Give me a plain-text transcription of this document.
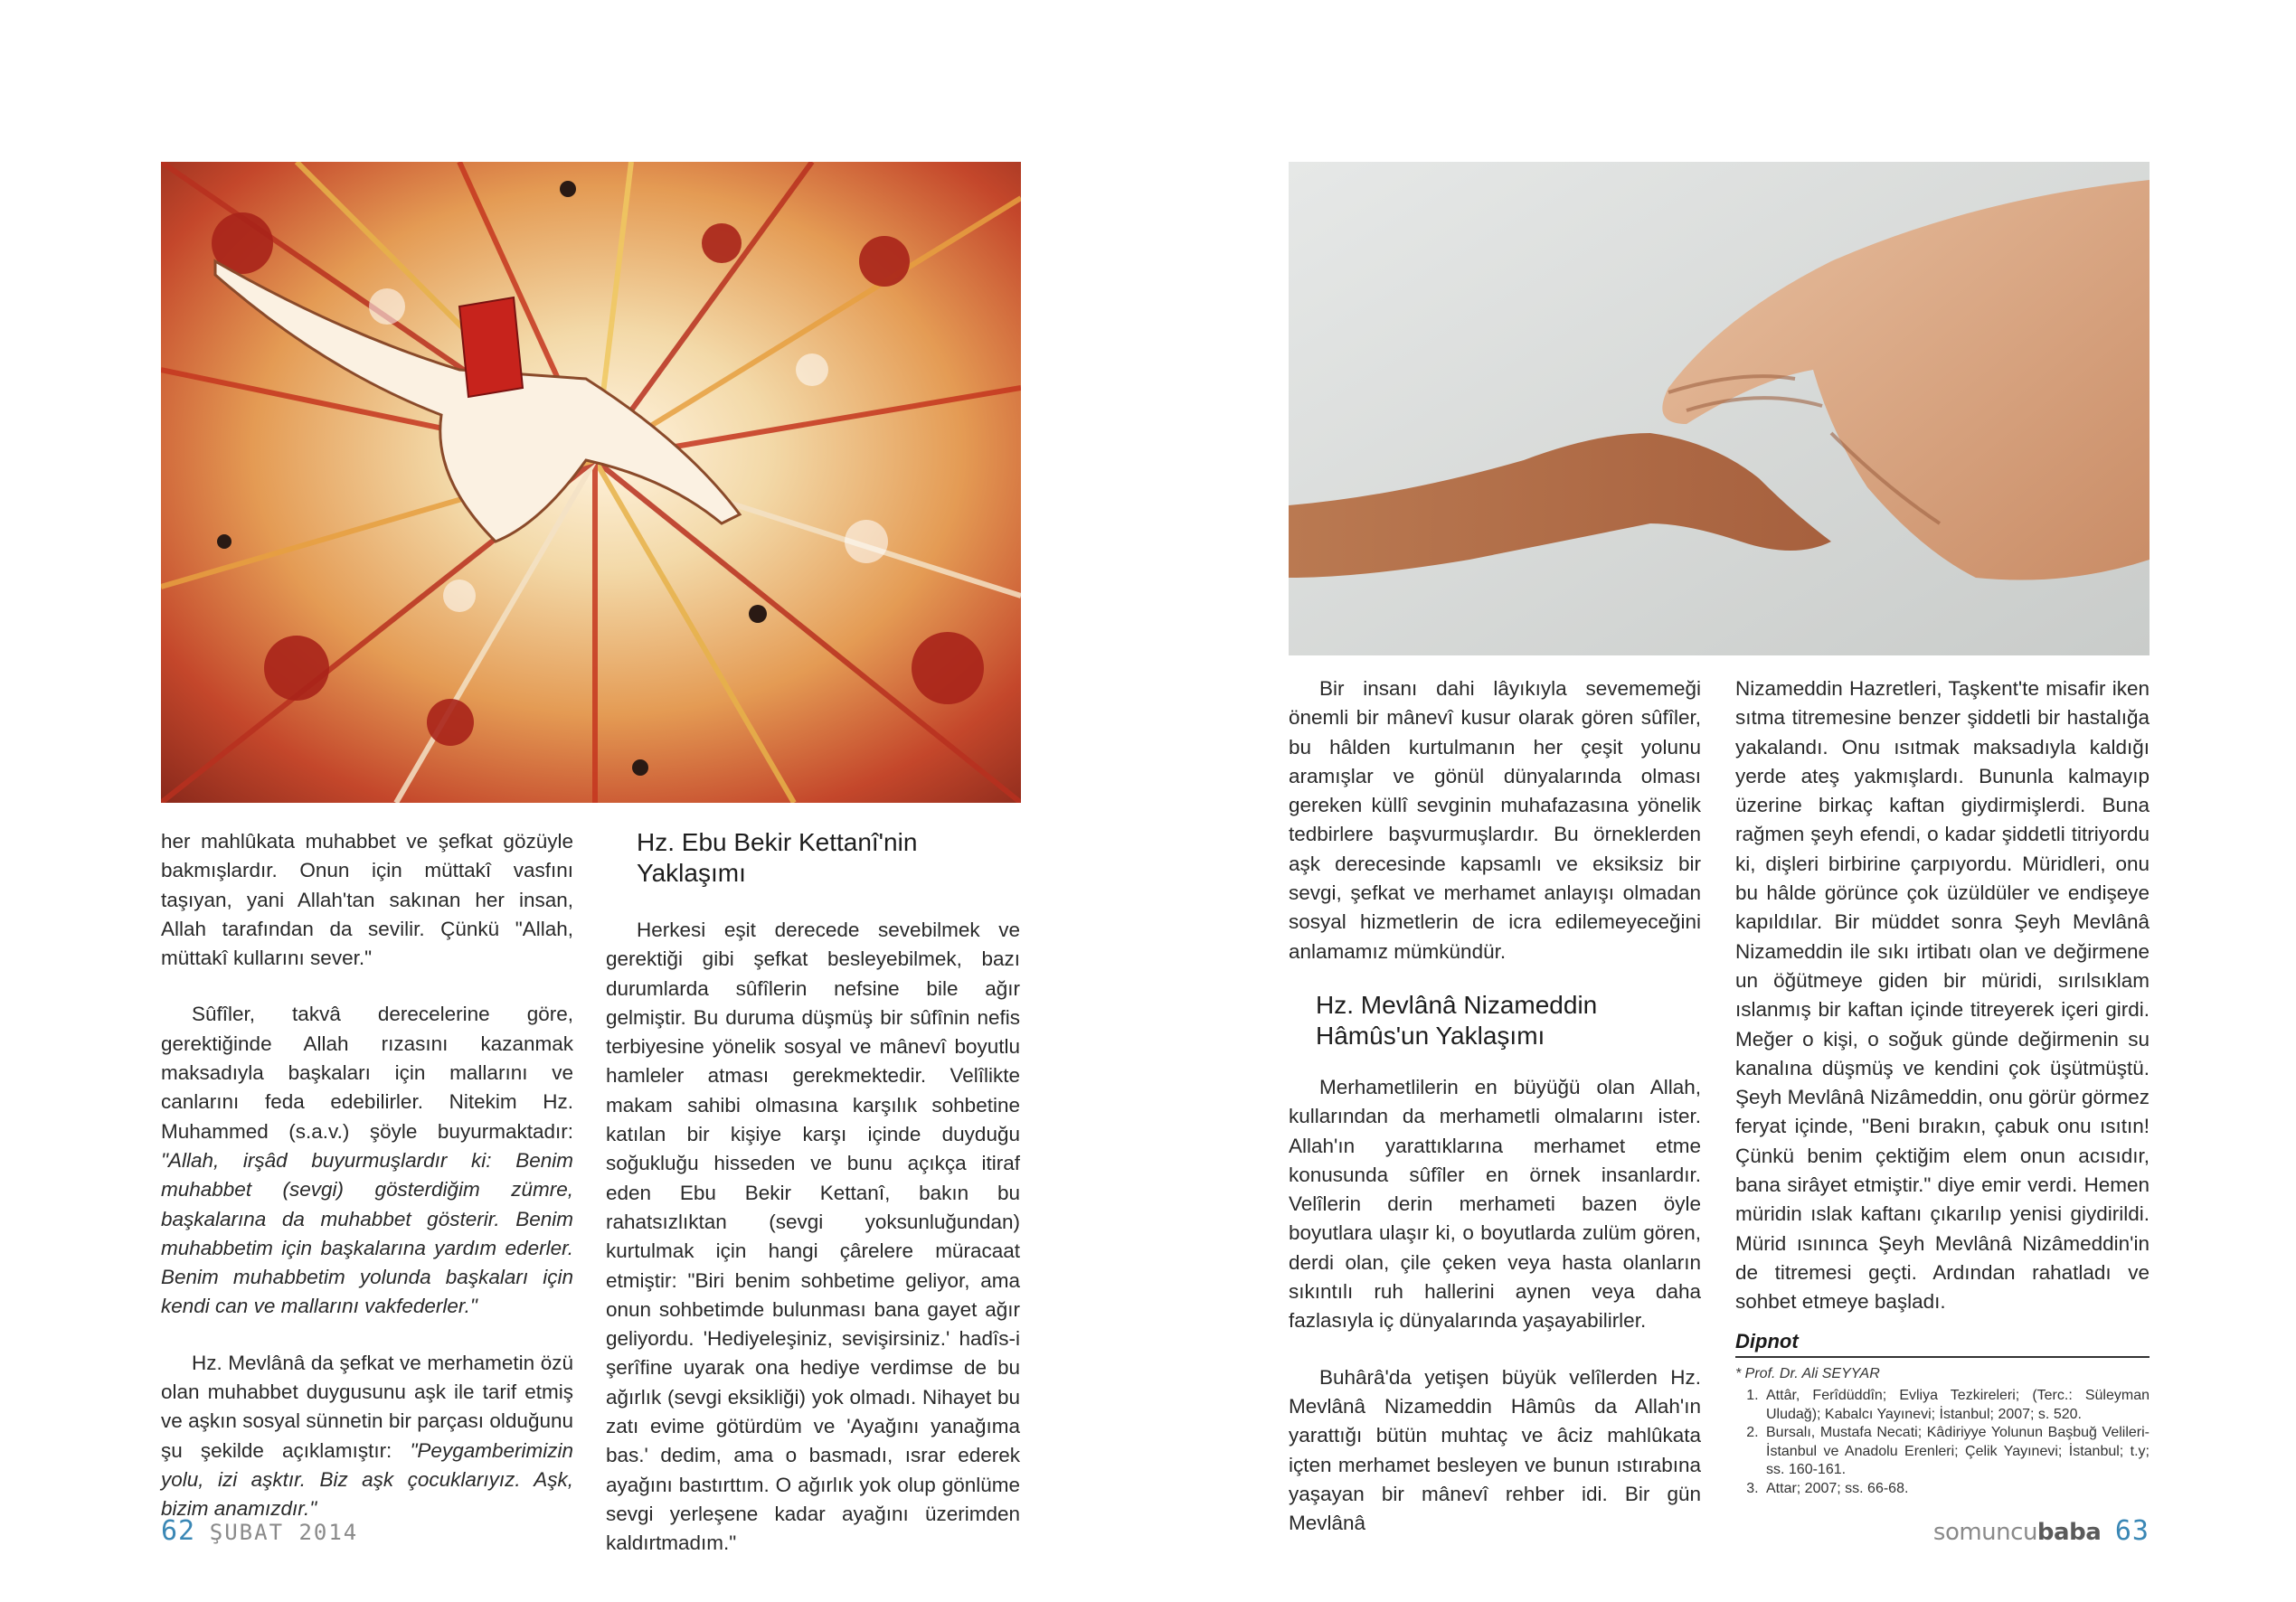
her mahlûkata muhabbet ve şefkat gözüyle bakmışlardır. Onun için müttakî vasfını taşıyan, yani Allah'tan sakınan her insan, Allah tarafından da sevilir. Çünkü "Allah, müttakî kullarını sever."

Sûfîler, takvâ derecelerine göre, gerektiğinde Allah rızasını kazanmak maksadıyla başkaları için mallarını ve canlarını feda edebilirler. Nitekim Hz. Muhammed (s.a.v.) şöyle buyurmaktadır: "Allah, irşâd buyurmuşlardır ki: Benim muhabbet (sevgi) gösterdiğim zümre, başkalarına da muhabbet gösterir. Benim muhabbetim için başkalarına yardım ederler. Benim muhabbetim yolunda başkaları için kendi can ve mallarını vakfederler."

Hz. Mevlânâ da şefkat ve merhametin özü olan muhabbet duygusunu aşk ile tarif etmiş ve aşkın sosyal sünnetin bir parçası olduğunu şu şekilde açıklamıştır: "Peygamberimizin yolu, izi aşktır. Biz aşk çocuklarıyız. Aşk, bizim anamızdır."

Hz. Ebu Bekir Kettanî'nin Yaklaşımı

Herkesi eşit derecede sevebilmek ve gerektiği gibi şefkat besleyebilmek, bazı durumlarda sûfîlerin nefsine bile ağır gelmiştir. Bu duruma düşmüş bir sûfînin nefis terbiyesine yönelik sosyal ve mânevî boyutlu hamleler atması gerekmektedir. Velîlikte makam sahibi olmasına karşılık sohbetine katılan bir kişiye karşı içinde duyduğu soğukluğu hisseden ve bunu açıkça itiraf eden Ebu Bekir Kettanî, bakın bu rahatsızlıktan (sevgi yoksunluğundan) kurtulmak için hangi çârelere müracaat etmiştir: "Biri benim sohbetime geliyor, ama onun sohbetimde bulunması bana gayet ağır geliyordu. 'Hediyeleşiniz, sevişirsiniz.' hadîs-i şerîfine uyarak ona hediye verdimse de bu ağırlık (sevgi eksikliği) yok olmadı. Nihayet bu zatı evime götürdüm ve 'Ayağını yanağıma bas.' dedim, ama o basmadı, ısrar ederek ayağını bastırttım. O ağırlık yok olup gönlüme sevgi yerleşene kadar ayağını üzerimden kaldırtmadım."

Bir insanı dahi lâyıkıyla sevememeği önemli bir mânevî kusur olarak gören sûfîler, bu hâlden kurtulmanın her çeşit yolunu aramışlar ve gönül dünyalarında olması gereken küllî sevginin muhafazasına yönelik tedbirlere başvurmuşlardır. Bu örneklerden aşk derecesinde kapsamlı ve eksiksiz bir sevgi, şefkat ve merhamet anlayışı olmadan sosyal hizmetlerin de icra edilemeyeceğini anlamamız mümkündür.

Hz. Mevlânâ Nizameddin Hâmûs'un Yaklaşımı

Merhametlilerin en büyüğü olan Allah, kullarından da merhametli olmalarını ister. Allah'ın yarattıklarına merhamet etme konusunda sûfîler en örnek insanlardır. Velîlerin derin merhameti bazen öyle boyutlara ulaşır ki, o boyutlarda zulüm gören, derdi olan, çile çeken veya hasta olanların sıkıntılı ruh hallerini aynen veya daha fazlasıyla iç dünyalarında yaşayabilirler.

Buhârâ'da yetişen büyük velîlerden Hz. Mevlânâ Nizameddin Hâmûs da Allah'ın yarattığı bütün muhtaç ve âciz mahlûkata içten merhamet besleyen ve bunun ıstırabına yaşayan bir mânevî rehber idi. Bir gün Mevlânâ

Nizameddin Hazretleri, Taşkent'te misafir iken sıtma titremesine benzer şiddetli bir hastalığa yakalandı. Onu ısıtmak maksadıyla kaldığı yerde ateş yakmışlardı. Bununla kalmayıp üzerine birkaç kaftan giydirmişlerdi. Buna rağmen şeyh efendi, o kadar şiddetli titriyordu ki, dişleri birbirine çarpıyordu. Müridleri, onu bu hâlde görünce çok üzüldüler ve endişeye kapıldılar. Bir müddet sonra Şeyh Mevlânâ Nizameddin ile sıkı irtibatı olan ve değirmene un öğütmeye giden bir müridi, sırılsıklam ıslanmış bir kaftan içinde titreyerek içeri girdi. Meğer o kişi, o soğuk günde değirmenin su kanalına düşmüş ve kendini çok üşütmüştü. Şeyh Mevlânâ Nizâmeddin, onu görür görmez feryat içinde, "Beni bırakın, çabuk onu ısıtın! Çünkü benim çektiğim elem onun acısıdır, bana sirâyet etmiştir." diye emir verdi. Hemen müridin ıslak kaftanı çıkarılıp yenisi giydirildi. Mürid ısınınca Şeyh Mevlânâ Nizâmeddin'in de titremesi geçti. Ardından rahatladı ve sohbet etmeye başladı.

Dipnot
* Prof. Dr. Ali SEYYAR
1. Attâr, Ferîdüddîn; Evliya Tezkireleri; (Terc.: Süleyman Uludağ); Kabalcı Yayınevi; İstanbul; 2007; s. 520.
2. Bursalı, Mustafa Necati; Kâdiriyye Yolunun Başbuğ Velileri-İstanbul ve Anadolu Erenleri; Çelik Yayınevi; İstanbul; t.y; ss. 160-161.
3. Attar; 2007; ss. 66-68.
62 ŞUBAT 2014	somuncubaba 63
